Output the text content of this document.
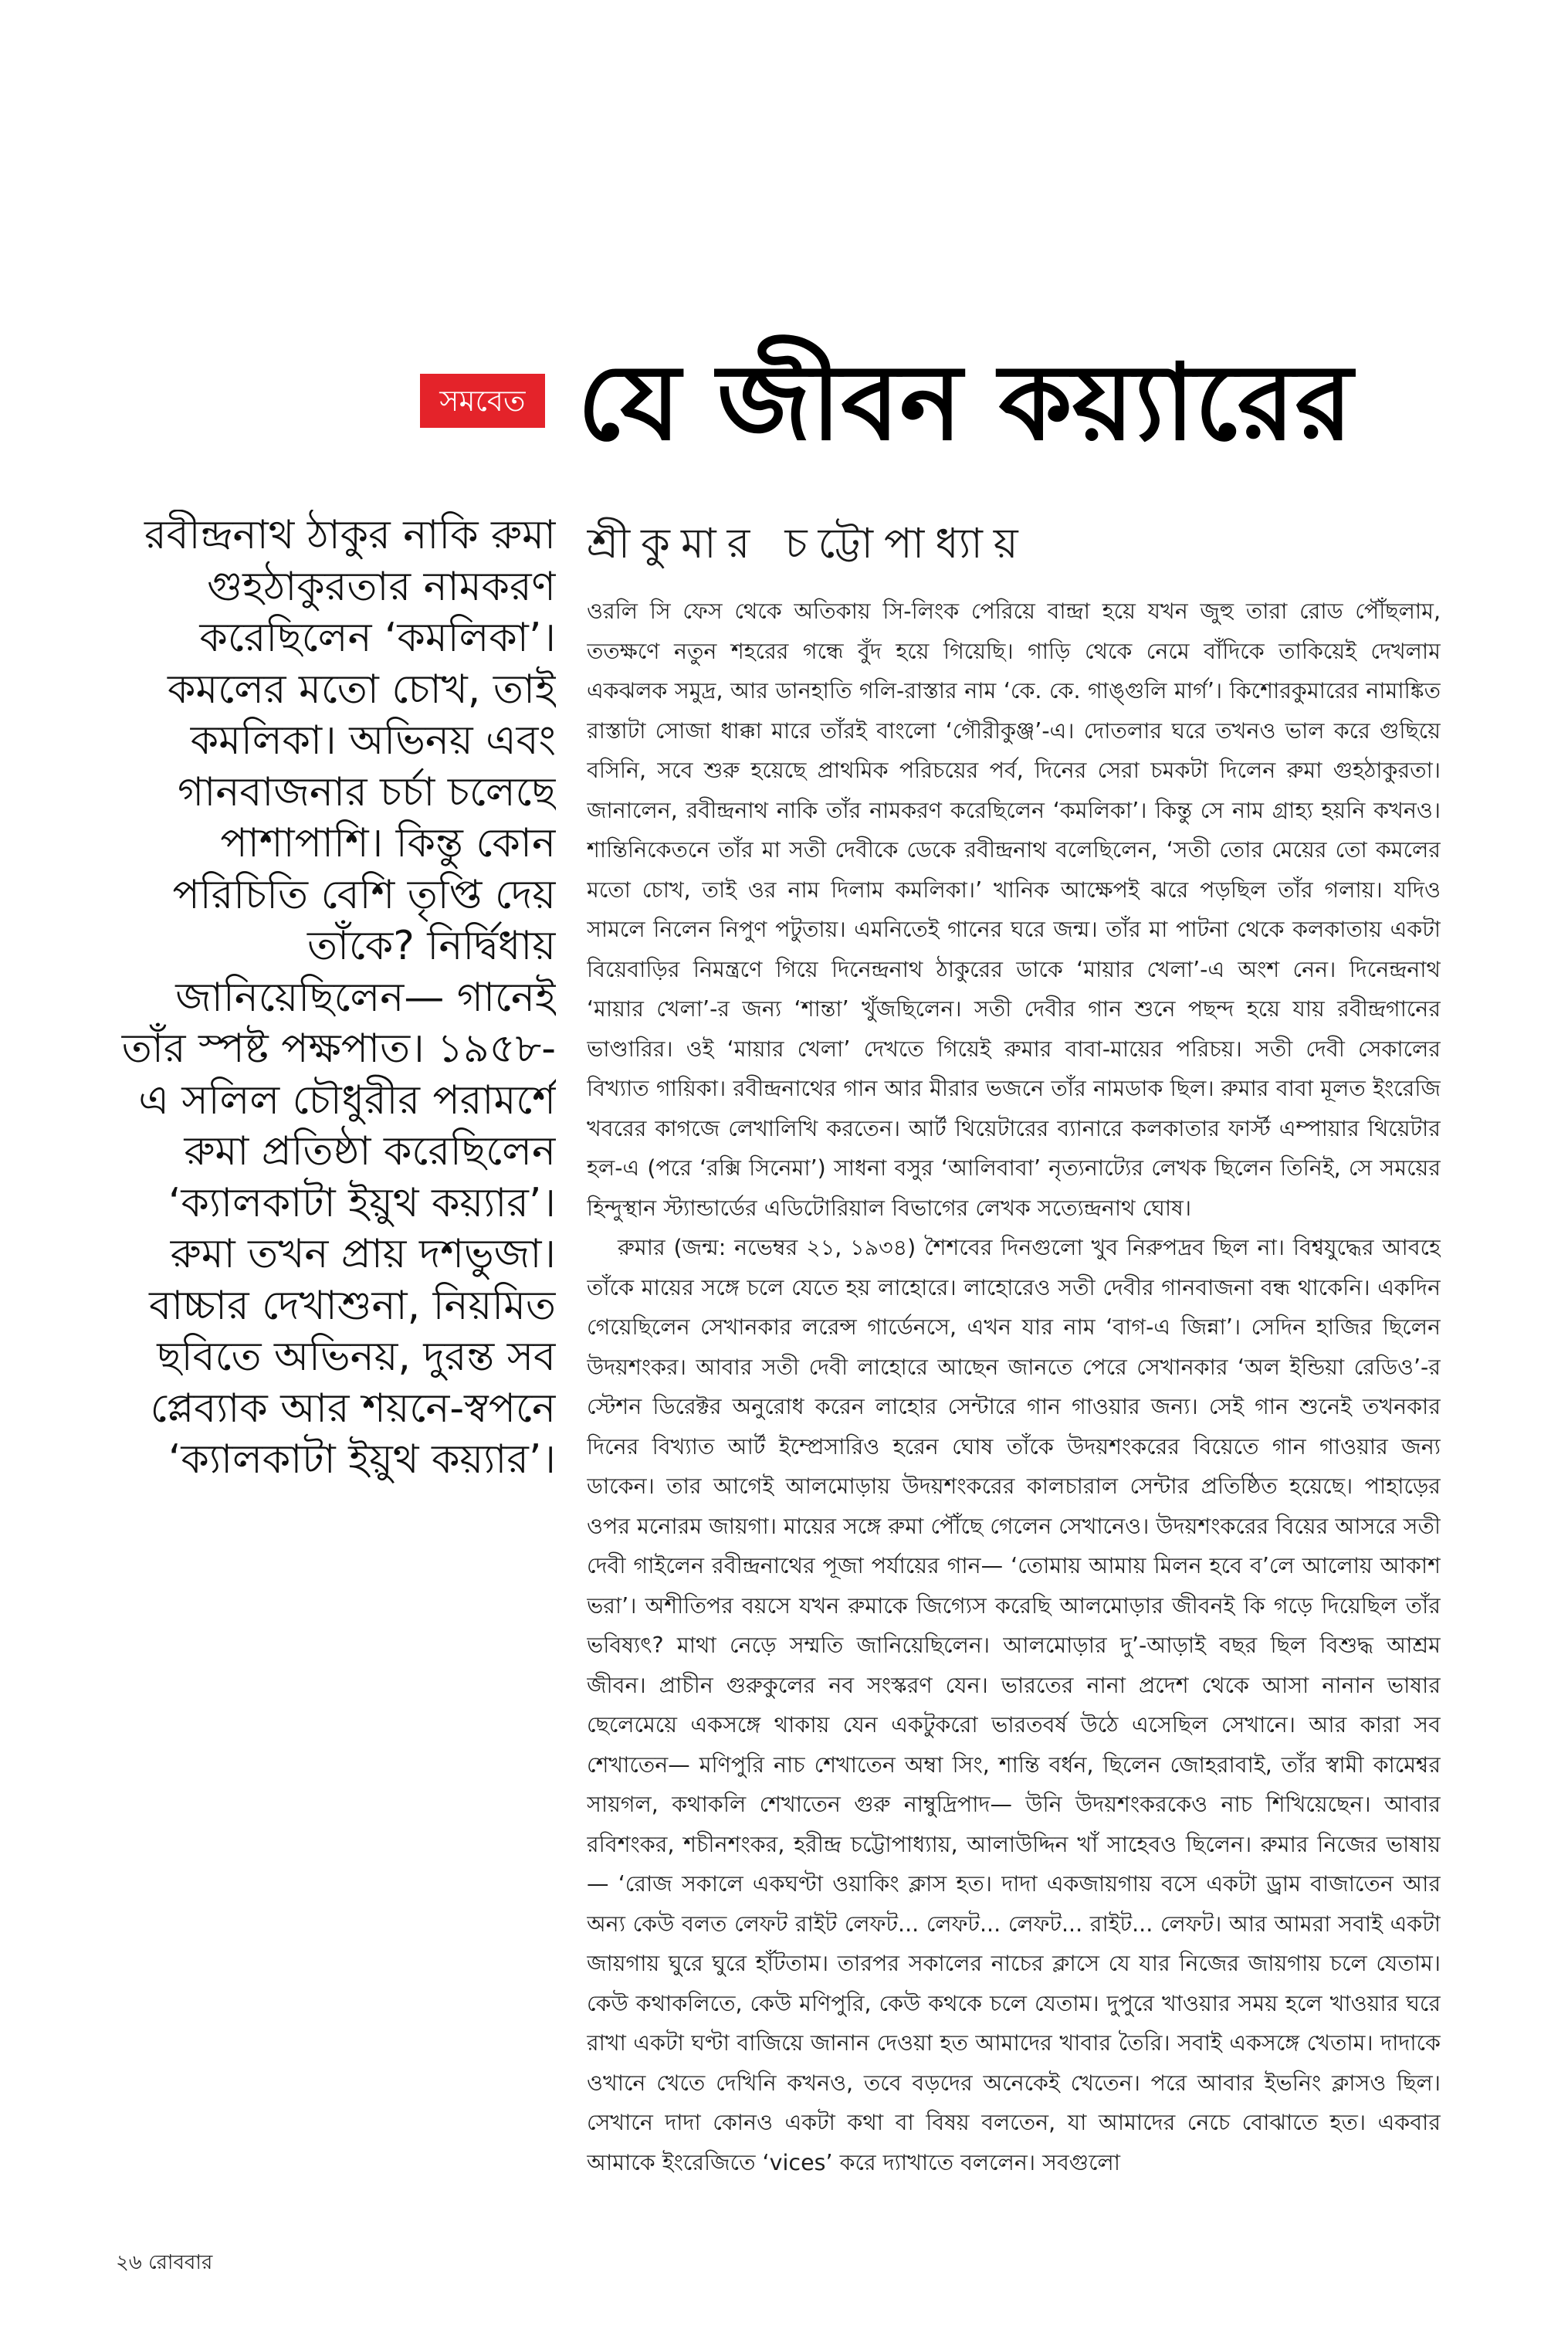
সমবেত যে জীবন কয়্যারের
শ্রীকুমার চট্টোপাধ্যায়

রবীন্দ্রনাথ ঠাকুর নাকি রুমা গুহঠাকুরতার নামকরণ করেছিলেন ‘কমলিকা’। কমলের মতো চোখ, তাই কমলিকা। অভিনয় এবং গানবাজনার চর্চা চলেছে পাশাপাশি। কিন্তু কোন পরিচিতি বেশি তৃপ্তি দেয় তাঁকে? নির্দ্বিধায় জানিয়েছিলেন— গানেই তাঁর স্পষ্ট পক্ষপাত। ১৯৫৮-এ সলিল চৌধুরীর পরামর্শে রুমা প্রতিষ্ঠা করেছিলেন ‘ক্যালকাটা ইয়ুথ কয়্যার’। রুমা তখন প্রায় দশভুজা। বাচ্চার দেখাশুনা, নিয়মিত ছবিতে অভিনয়, দুরন্ত সব প্লেব্যাক আর শয়নে-স্বপনে ‘ক্যালকাটা ইয়ুথ কয়্যার’।

ওরলি সি ফেস থেকে অতিকায় সি-লিংক পেরিয়ে বান্দ্রা হয়ে যখন জুহু তারা রোড পৌঁছলাম, ততক্ষণে নতুন শহরের গন্ধে বুঁদ হয়ে গিয়েছি। গাড়ি থেকে নেমে বাঁদিকে তাকিয়েই দেখলাম একঝলক সমুদ্র, আর ডানহাতি গলি-রাস্তার নাম ‘কে. কে. গাঙ্গুলি মার্গ’। কিশোরকুমারের নামাঙ্কিত রাস্তাটা সোজা ধাক্কা মারে তাঁরই বাংলো ‘গৌরীকুঞ্জ’-এ। দোতলার ঘরে তখনও ভাল করে গুছিয়ে বসিনি, সবে শুরু হয়েছে প্রাথমিক পরিচয়ের পর্ব, দিনের সেরা চমকটা দিলেন রুমা গুহঠাকুরতা। জানালেন, রবীন্দ্রনাথ নাকি তাঁর নামকরণ করেছিলেন ‘কমলিকা’। কিন্তু সে নাম গ্রাহ্য হয়নি কখনও। শান্তিনিকেতনে তাঁর মা সতী দেবীকে ডেকে রবীন্দ্রনাথ বলেছিলেন, ‘সতী তোর মেয়ের তো কমলের মতো চোখ, তাই ওর নাম দিলাম কমলিকা।’ খানিক আক্ষেপই ঝরে পড়ছিল তাঁর গলায়। যদিও সামলে নিলেন নিপুণ পটুতায়। এমনিতেই গানের ঘরে জন্ম। তাঁর মা পাটনা থেকে কলকাতায় একটা বিয়েবাড়ির নিমন্ত্রণে গিয়ে দিনেন্দ্রনাথ ঠাকুরের ডাকে ‘মায়ার খেলা’-এ অংশ নেন। দিনেন্দ্রনাথ ‘মায়ার খেলা’-র জন্য ‘শান্তা’ খুঁজছিলেন। সতী দেবীর গান শুনে পছন্দ হয়ে যায় রবীন্দ্রগানের ভাণ্ডারির। ওই ‘মায়ার খেলা’ দেখতে গিয়েই রুমার বাবা-মায়ের পরিচয়। সতী দেবী সেকালের বিখ্যাত গায়িকা। রবীন্দ্রনাথের গান আর মীরার ভজনে তাঁর নামডাক ছিল। রুমার বাবা মূলত ইংরেজি খবরের কাগজে লেখালিখি করতেন। আর্ট থিয়েটারের ব্যানারে কলকাতার ফার্স্ট এম্পায়ার থিয়েটার হল-এ (পরে ‘রক্সি সিনেমা’) সাধনা বসুর ‘আলিবাবা’ নৃত্যনাট্যের লেখক ছিলেন তিনিই, সে সময়ের হিন্দুস্থান স্ট্যান্ডার্ডের এডিটোরিয়াল বিভাগের লেখক সত্যেন্দ্রনাথ ঘোষ।

রুমার (জন্ম: নভেম্বর ২১, ১৯৩৪) শৈশবের দিনগুলো খুব নিরুপদ্রব ছিল না। বিশ্বযুদ্ধের আবহে তাঁকে মায়ের সঙ্গে চলে যেতে হয় লাহোরে। লাহোরেও সতী দেবীর গানবাজনা বন্ধ থাকেনি। একদিন গেয়েছিলেন সেখানকার লরেন্স গার্ডেনসে, এখন যার নাম ‘বাগ-এ জিন্না’। সেদিন হাজির ছিলেন উদয়শংকর। আবার সতী দেবী লাহোরে আছেন জানতে পেরে সেখানকার ‘অল ইন্ডিয়া রেডিও’-র স্টেশন ডিরেক্টর অনুরোধ করেন লাহোর সেন্টারে গান গাওয়ার জন্য। সেই গান শুনেই তখনকার দিনের বিখ্যাত আর্ট ইম্প্রেসারিও হরেন ঘোষ তাঁকে উদয়শংকরের বিয়েতে গান গাওয়ার জন্য ডাকেন। তার আগেই আলমোড়ায় উদয়শংকরের কালচারাল সেন্টার প্রতিষ্ঠিত হয়েছে। পাহাড়ের ওপর মনোরম জায়গা। মায়ের সঙ্গে রুমা পৌঁছে গেলেন সেখানেও। উদয়শংকরের বিয়ের আসরে সতী দেবী গাইলেন রবীন্দ্রনাথের পূজা পর্যায়ের গান— ‘তোমায় আমায় মিলন হবে ব’লে আলোয় আকাশ ভরা’। অশীতিপর বয়সে যখন রুমাকে জিগ্যেস করেছি আলমোড়ার জীবনই কি গড়ে দিয়েছিল তাঁর ভবিষ্যৎ? মাথা নেড়ে সম্মতি জানিয়েছিলেন। আলমোড়ার দু’-আড়াই বছর ছিল বিশুদ্ধ আশ্রম জীবন। প্রাচীন গুরুকুলের নব সংস্করণ যেন। ভারতের নানা প্রদেশ থেকে আসা নানান ভাষার ছেলেমেয়ে একসঙ্গে থাকায় যেন একটুকরো ভারতবর্ষ উঠে এসেছিল সেখানে। আর কারা সব শেখাতেন— মণিপুরি নাচ শেখাতেন অম্বা সিং, শান্তি বর্ধন, ছিলেন জোহরাবাই, তাঁর স্বামী কামেশ্বর সায়গল, কথাকলি শেখাতেন গুরু নাম্বুদ্রিপাদ— উনি উদয়শংকরকেও নাচ শিখিয়েছেন। আবার রবিশংকর, শচীনশংকর, হরীন্দ্র চট্টোপাধ্যায়, আলাউদ্দিন খাঁ সাহেবও ছিলেন। রুমার নিজের ভাষায়— ‘রোজ সকালে একঘণ্টা ওয়াকিং ক্লাস হত। দাদা একজায়গায় বসে একটা ড্রাম বাজাতেন আর অন্য কেউ বলত লেফট রাইট লেফট... লেফট... লেফট... রাইট... লেফট। আর আমরা সবাই একটা জায়গায় ঘুরে ঘুরে হাঁটতাম। তারপর সকালের নাচের ক্লাসে যে যার নিজের জায়গায় চলে যেতাম। কেউ কথাকলিতে, কেউ মণিপুরি, কেউ কথকে চলে যেতাম। দুপুরে খাওয়ার সময় হলে খাওয়ার ঘরে রাখা একটা ঘণ্টা বাজিয়ে জানান দেওয়া হত আমাদের খাবার তৈরি। সবাই একসঙ্গে খেতাম। দাদাকে ওখানে খেতে দেখিনি কখনও, তবে বড়দের অনেকেই খেতেন। পরে আবার ইভনিং ক্লাসও ছিল। সেখানে দাদা কোনও একটা কথা বা বিষয় বলতেন, যা আমাদের নেচে বোঝাতে হত। একবার আমাকে ইংরেজিতে ‘vices’ করে দ্যাখাতে বললেন। সবগুলো

২৬ রোববার
